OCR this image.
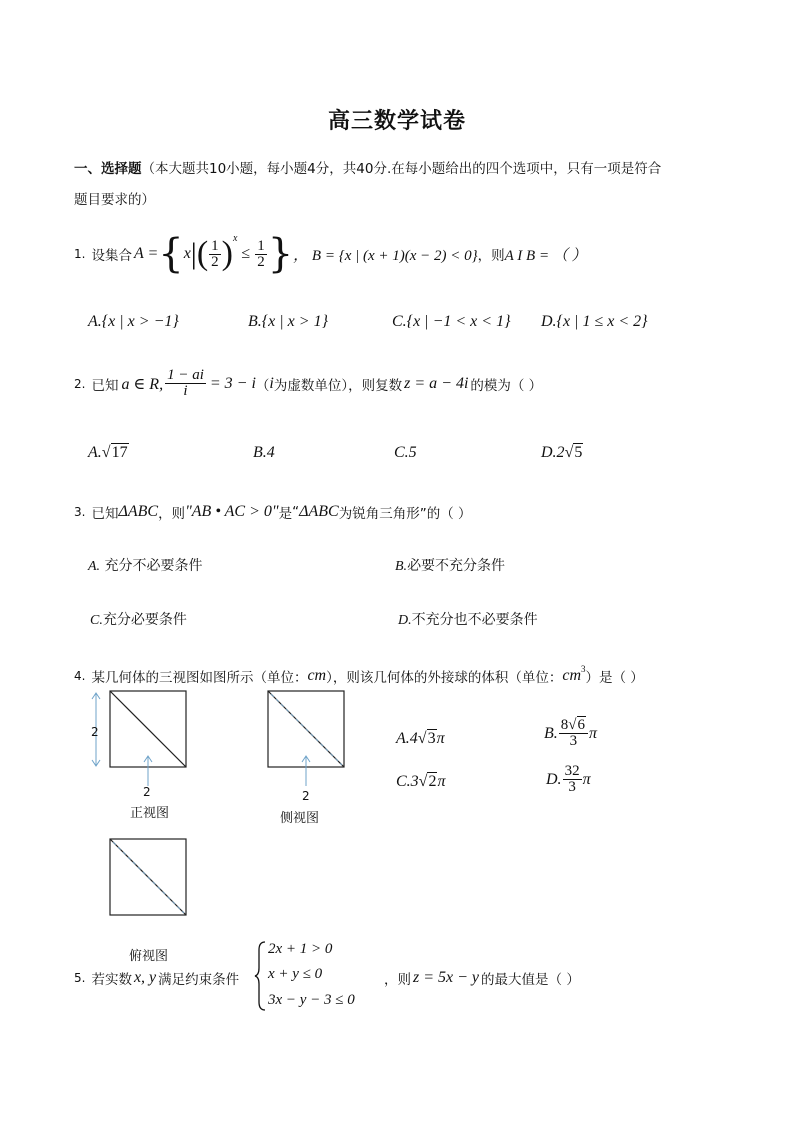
高三数学试卷
一、选择题（本大题共10小题，每小题4分，共40分.在每小题给出的四个选项中，只有一项是符合
题目要求的）
1. 设集合 A = { x | ( $\frac{1}{2}$ ) x
≤ $\frac{1}{2}$ } ， B = {x | (x + 1)(x − 2) < 0} ，则 A I B = （ ）
A.{x | x > −1}	B.{x | x > 1}	C.{x | −1 < x < 1} D.{x | 1 ≤ x < 2}
2. 已知 a ∈ R, $\frac{1 - ai}{i} = 3 - i$ （ i 为虚数单位），则复数 z = a − 4i 的模为（ ）
A.√17	B.4	C.5	D.2√5
3. 已知 ΔABC ，则 "AB • AC > 0" 是 “ ΔABC 为锐角三角形”的（ ）
A. 充分不必要条件	B.必要不充分条件
C.充分必要条件	D.不充分也不必要条件
4. 某几何体的三视图如图所示（单位： cm ），则该几何体的外接球的体积（单位： cm 3
）是（ ）
2
2	2
正视图	侧视图
俯视图
A.4√3π	B. $\frac{8√6}{3}$ π
C.3√2π	D. $\frac{32}{3}$ π
5. 若实数 x, y 满足约束条件
2x + 1 > 0
x + y ≤ 0
3x − y − 3 ≤ 0
，则 z = 5x − y 的最大值是（ ）
